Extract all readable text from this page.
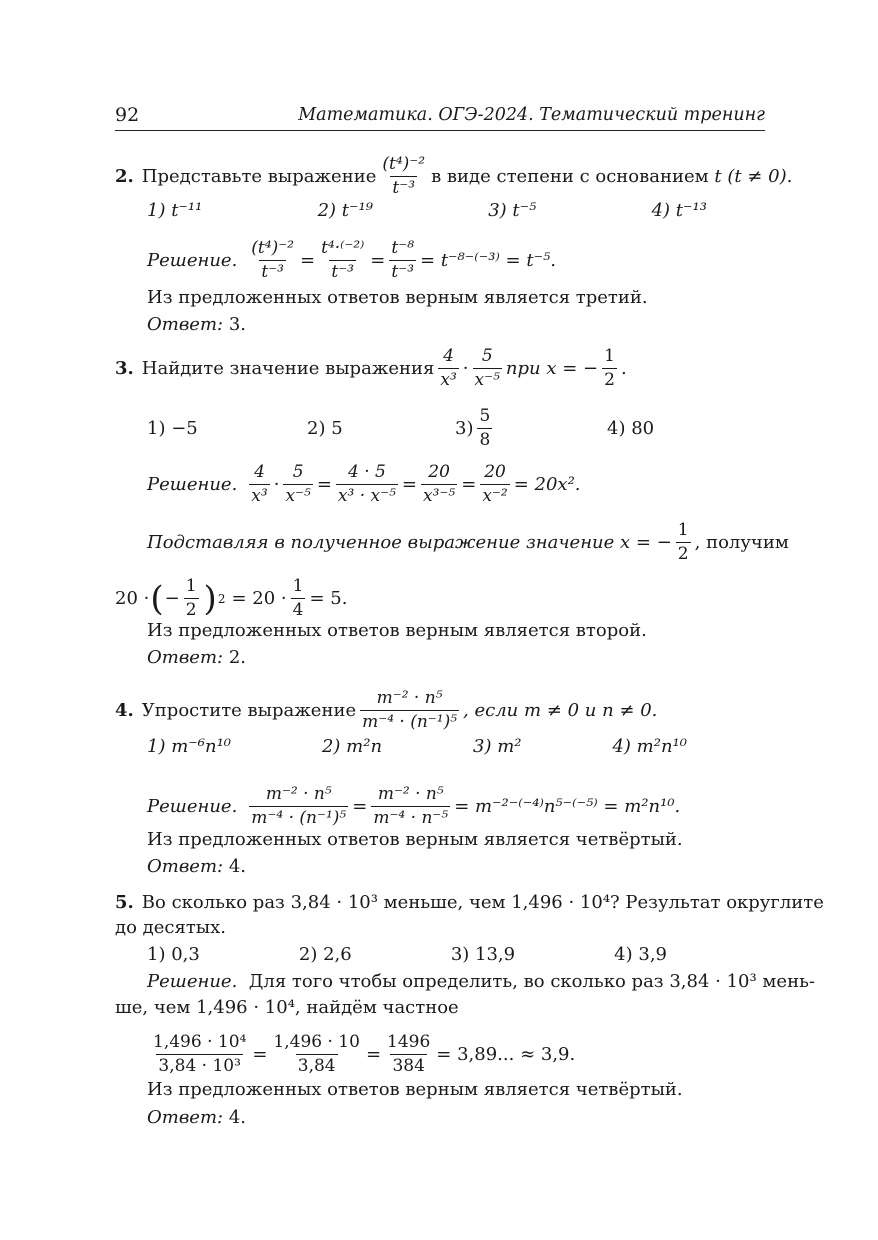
92	Математика. ОГЭ-2024. Тематический тренинг
2. Представьте выражение $\frac{\text{(t⁴)⁻²}}{\text{t⁻³}}$ в виде степени с основанием
t (t ≠ 0).
1) t⁻¹¹	2) t⁻¹⁹	3) t⁻⁵	4) t⁻¹³
Решение. $\frac{\text{(t⁴)⁻²}}{\text{t⁻³}} = \frac{\text{t⁴·⁽⁻²⁾}}{\text{t⁻³}} = \frac{\text{t⁻⁸}}{\text{t⁻³}} = t^{-8-(-3)} = t^{-5}$.
Из предложенных ответов верным является третий.
Ответ:
3.
3. Найдите значение выражения $\frac{4}{\text{x³}} \cdot \frac{5}{\text{x⁻⁵}}$ при x = − $\frac{1}{2}$ .
1) −5	2) 5	$3) \frac{5}{8}$	4) 80
Решение. $\frac{4}{\text{x³}} \cdot \frac{5}{\text{x⁻⁵}} = \frac{4 \cdot 5}{\text{x³ · x⁻⁵}} = \frac{20}{\text{x³⁻⁵}} = \frac{20}{\text{x⁻²}} = 20x^2$.
Подставляя в полученное выражение значение x = − $\frac{1}{2}$ , получим
20 · ( − $\frac{1}{2}$ ) $2 = 20 \cdot \frac{1}{4} = 5$.
Из предложенных ответов верным является второй.
Ответ:
2.
4. Упростите выражение $\frac{\text{m⁻² · n⁵}}{\text{m⁻⁴ · (n⁻¹)⁵}}$ , если m ≠ 0 и n ≠ 0.
1) m⁻⁶n¹⁰	2) m²n	3) m²	4) m²n¹⁰
Решение. $\frac{\text{m⁻² · n⁵}}{\text{m⁻⁴ · (n⁻¹)⁵}} = \frac{\text{m⁻² · n⁵}}{\text{m⁻⁴ · n⁻⁵}} = m^{-2-(-4)}n^{5-(-5)} = m^2n^{10}$.
Из предложенных ответов верным является четвёртый.
Ответ:
4.
5. Во сколько раз 3,84 · 10³ меньше, чем 1,496 · 10⁴? Результат округлите
до десятых.
1) 0,3	2) 2,6	3) 13,9	4) 3,9
Решение.
Для того чтобы определить, во сколько раз 3,84 · 10³ мень-
ше, чем 1,496 · 10⁴, найдём частное
$\frac{\text{1,496 · 10⁴}}{\text{3,84 · 10³}} = \frac{1,496 \cdot 10}{3,84} = \frac{1496}{384} = 3,89$... ≈ 3,9.
Из предложенных ответов верным является четвёртый.
Ответ:
4.
